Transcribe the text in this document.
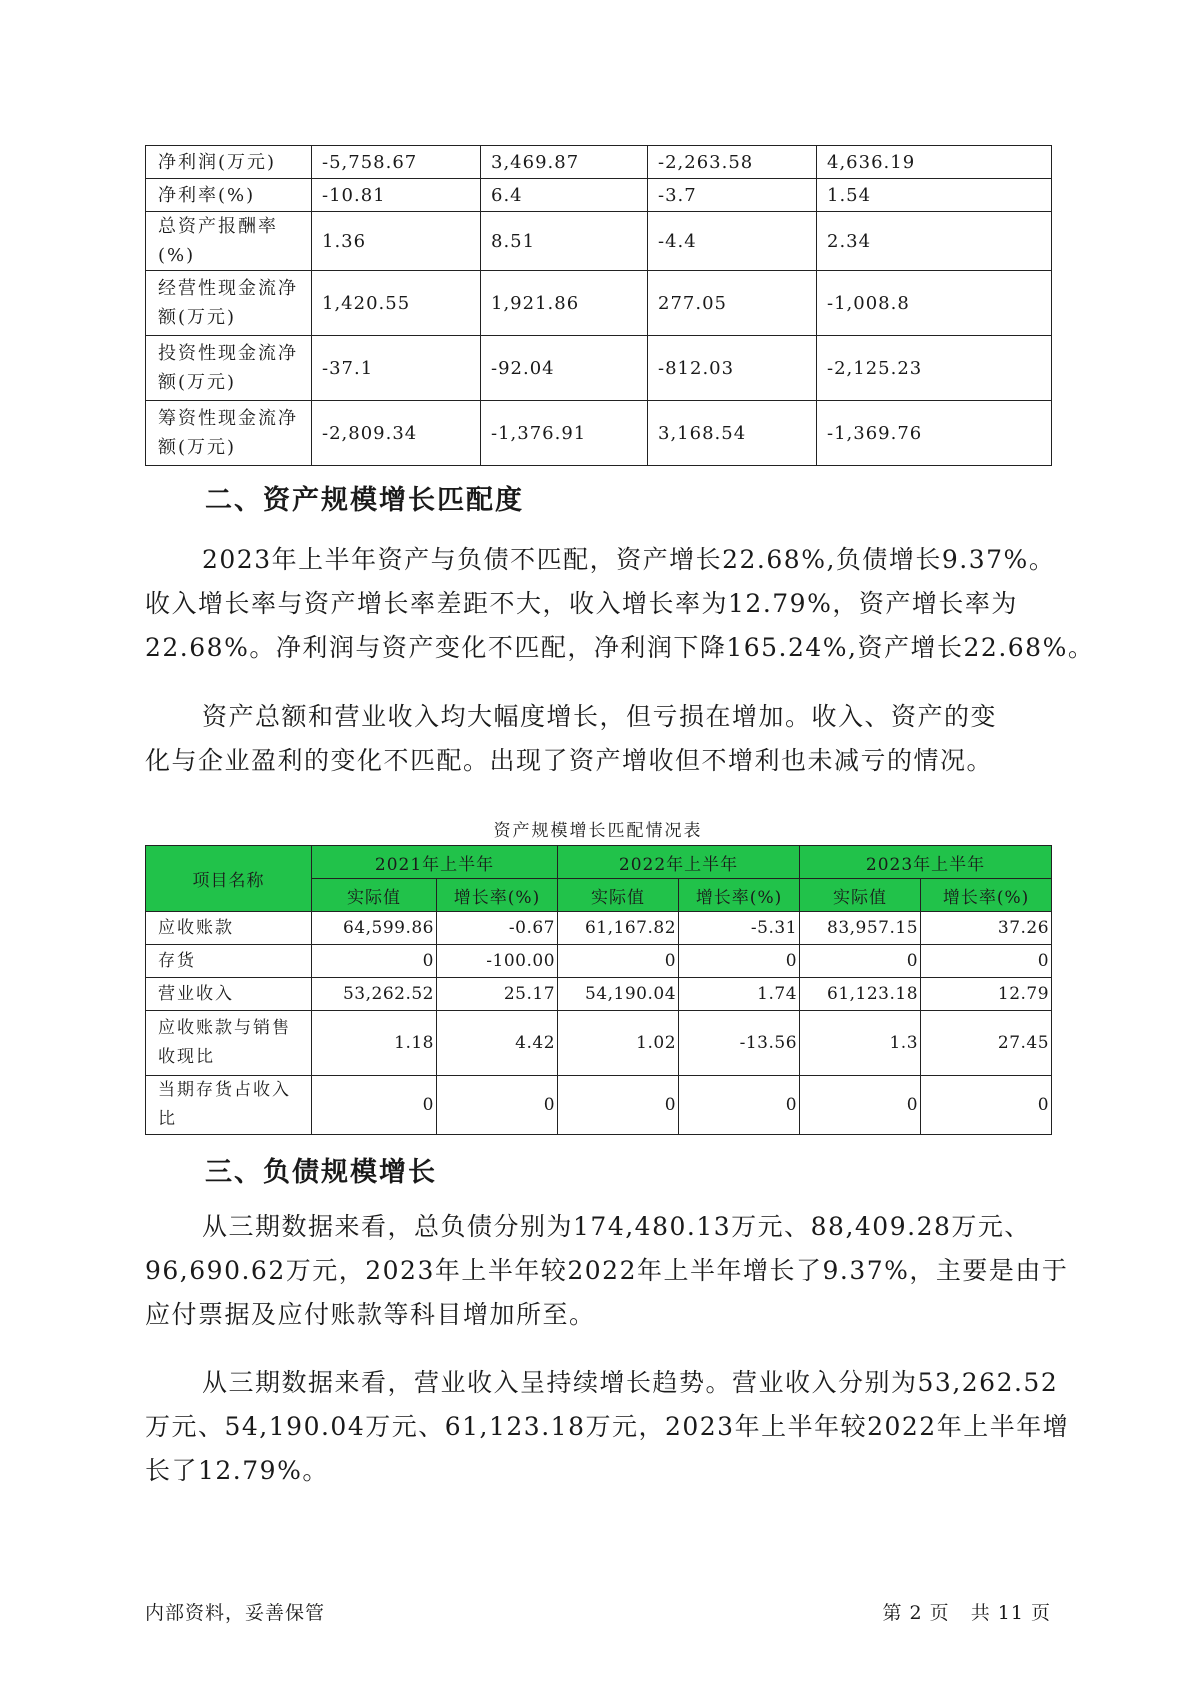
净利润(万元)	-5,758.67	3,469.87	-2,263.58	4,636.19
净利率(%)	-10.81	6.4	-3.7	1.54
总资产报酬率(%)	1.36	8.51	-4.4	2.34
经营性现金流净额(万元)	1,420.55	1,921.86	277.05	-1,008.8
投资性现金流净额(万元)	-37.1	-92.04	-812.03	-2,125.23
筹资性现金流净额(万元)	-2,809.34	-1,376.91	3,168.54	-1,369.76
二、资产规模增长匹配度

2023年上半年资产与负债不匹配，资产增长22.68%,负债增长9.37%。
收入增长率与资产增长率差距不大，收入增长率为12.79%，资产增长率为
22.68%。净利润与资产变化不匹配，净利润下降165.24%,资产增长22.68%。

资产总额和营业收入均大幅度增长，但亏损在增加。收入、资产的变
化与企业盈利的变化不匹配。出现了资产增收但不增利也未减亏的情况。

资产规模增长匹配情况表

项目名称	2021年上半年		2022年上半年		2023年上半年	
	实际值	增长率(%)	实际值	增长率(%)	实际值	增长率(%)
应收账款	64,599.86	-0.67	61,167.82	-5.31	83,957.15	37.26
存货	0	-100.00	0	0	0	0
营业收入	53,262.52	25.17	54,190.04	1.74	61,123.18	12.79
应收账款与销售收现比	1.18	4.42	1.02	-13.56	1.3	27.45
当期存货占收入比	0	0	0	0	0	0
三、负债规模增长

从三期数据来看，总负债分别为174,480.13万元、88,409.28万元、
96,690.62万元，2023年上半年较2022年上半年增长了9.37%，主要是由于
应付票据及应付账款等科目增加所至。

从三期数据来看，营业收入呈持续增长趋势。营业收入分别为53,262.52
万元、54,190.04万元、61,123.18万元，2023年上半年较2022年上半年增
长了12.79%。

内部资料，妥善保管	第 2 页   共 11 页
